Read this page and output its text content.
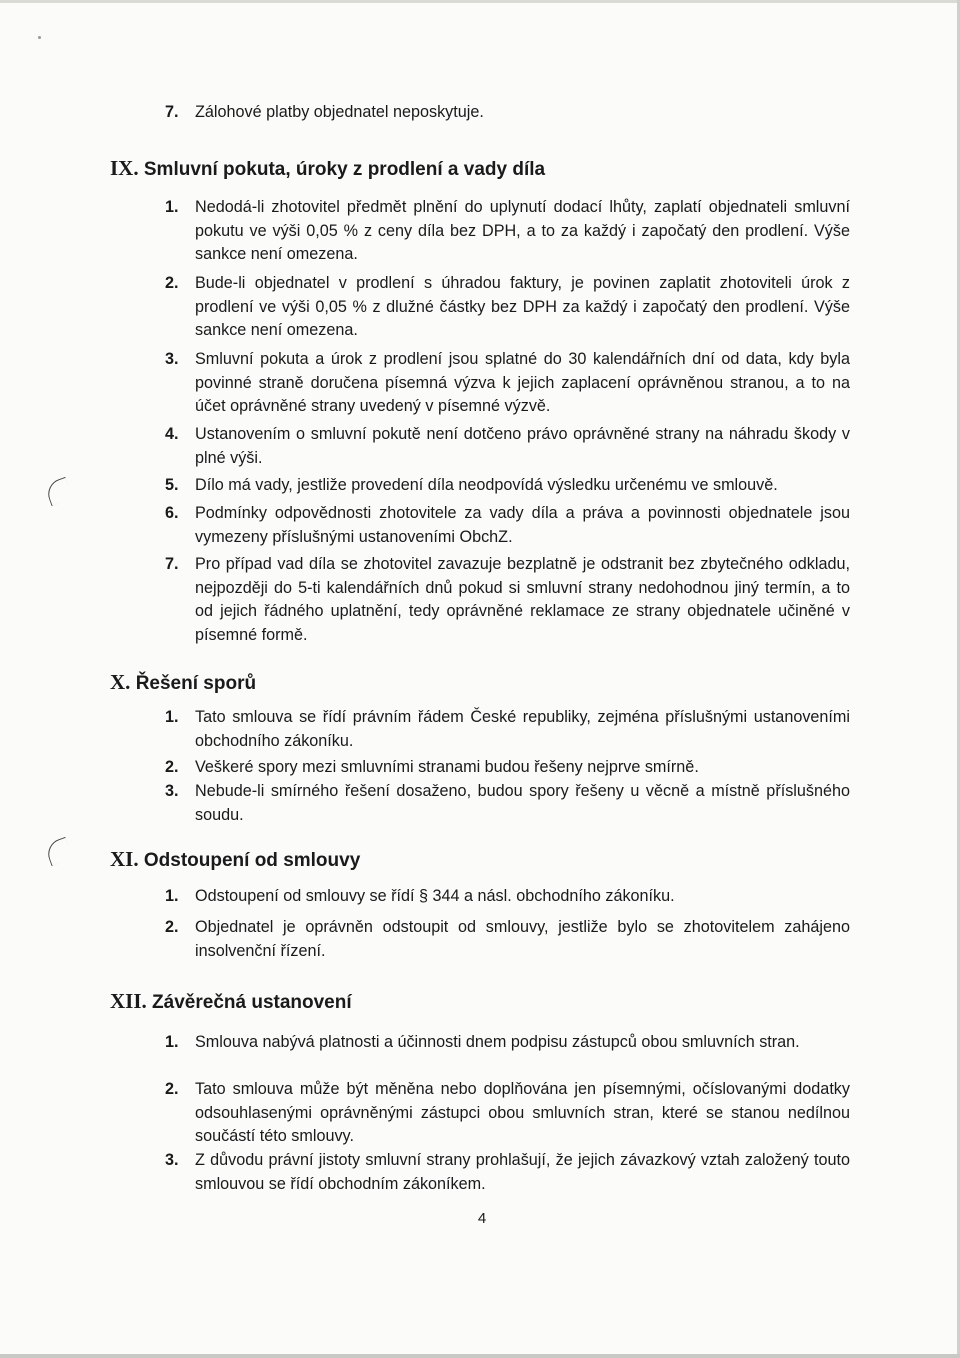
7.	Zálohové platby objednatel neposkytuje.
IX. Smluvní pokuta, úroky z prodlení a vady díla
1.	Nedodá-li zhotovitel předmět plnění do uplynutí dodací lhůty, zaplatí objednateli smluvní pokutu ve výši 0,05 % z ceny díla bez DPH, a to za každý i započatý den prodlení. Výše sankce není omezena.
2.	Bude-li objednatel v prodlení s úhradou faktury, je povinen zaplatit zhotoviteli úrok z prodlení ve výši 0,05 % z dlužné částky bez DPH za každý i započatý den prodlení. Výše sankce není omezena.
3.	Smluvní pokuta a úrok z prodlení jsou splatné do 30 kalendářních dní od data, kdy byla povinné straně doručena písemná výzva k jejich zaplacení oprávněnou stranou, a to na účet oprávněné strany uvedený v písemné výzvě.
4.	Ustanovením o smluvní pokutě není dotčeno právo oprávněné strany na náhradu škody v plné výši.
5.	Dílo má vady, jestliže provedení díla neodpovídá výsledku určenému ve smlouvě.
6.	Podmínky odpovědnosti zhotovitele za vady díla a práva a povinnosti objednatele jsou vymezeny příslušnými ustanoveními ObchZ.
7.	Pro případ vad díla se zhotovitel zavazuje bezplatně je odstranit bez zbytečného odkladu, nejpozději do 5-ti kalendářních dnů pokud si smluvní strany nedohodnou jiný termín, a to od jejich řádného uplatnění, tedy oprávněné reklamace ze strany objednatele učiněné v písemné formě.
X. Řešení sporů
1.	Tato smlouva se řídí právním řádem České republiky, zejména příslušnými ustanoveními obchodního zákoníku.
2.	Veškeré spory mezi smluvními stranami budou řešeny nejprve smírně.
3.	Nebude-li smírného řešení dosaženo, budou spory řešeny u věcně a místně příslušného soudu.
XI. Odstoupení od smlouvy
1.	Odstoupení od smlouvy se řídí § 344 a násl. obchodního zákoníku.
2.	Objednatel je oprávněn odstoupit od smlouvy, jestliže bylo se zhotovitelem zahájeno insolvenční řízení.
XII. Závěrečná ustanovení
1.	Smlouva nabývá platnosti a účinnosti dnem podpisu zástupců obou smluvních stran.
2.	Tato smlouva může být měněna nebo doplňována jen písemnými, očíslovanými dodatky odsouhlasenými oprávněnými zástupci obou smluvních stran, které se stanou nedílnou součástí této smlouvy.
3.	Z důvodu právní jistoty smluvní strany prohlašují, že jejich závazkový vztah založený touto smlouvou se řídí obchodním zákoníkem.
4
